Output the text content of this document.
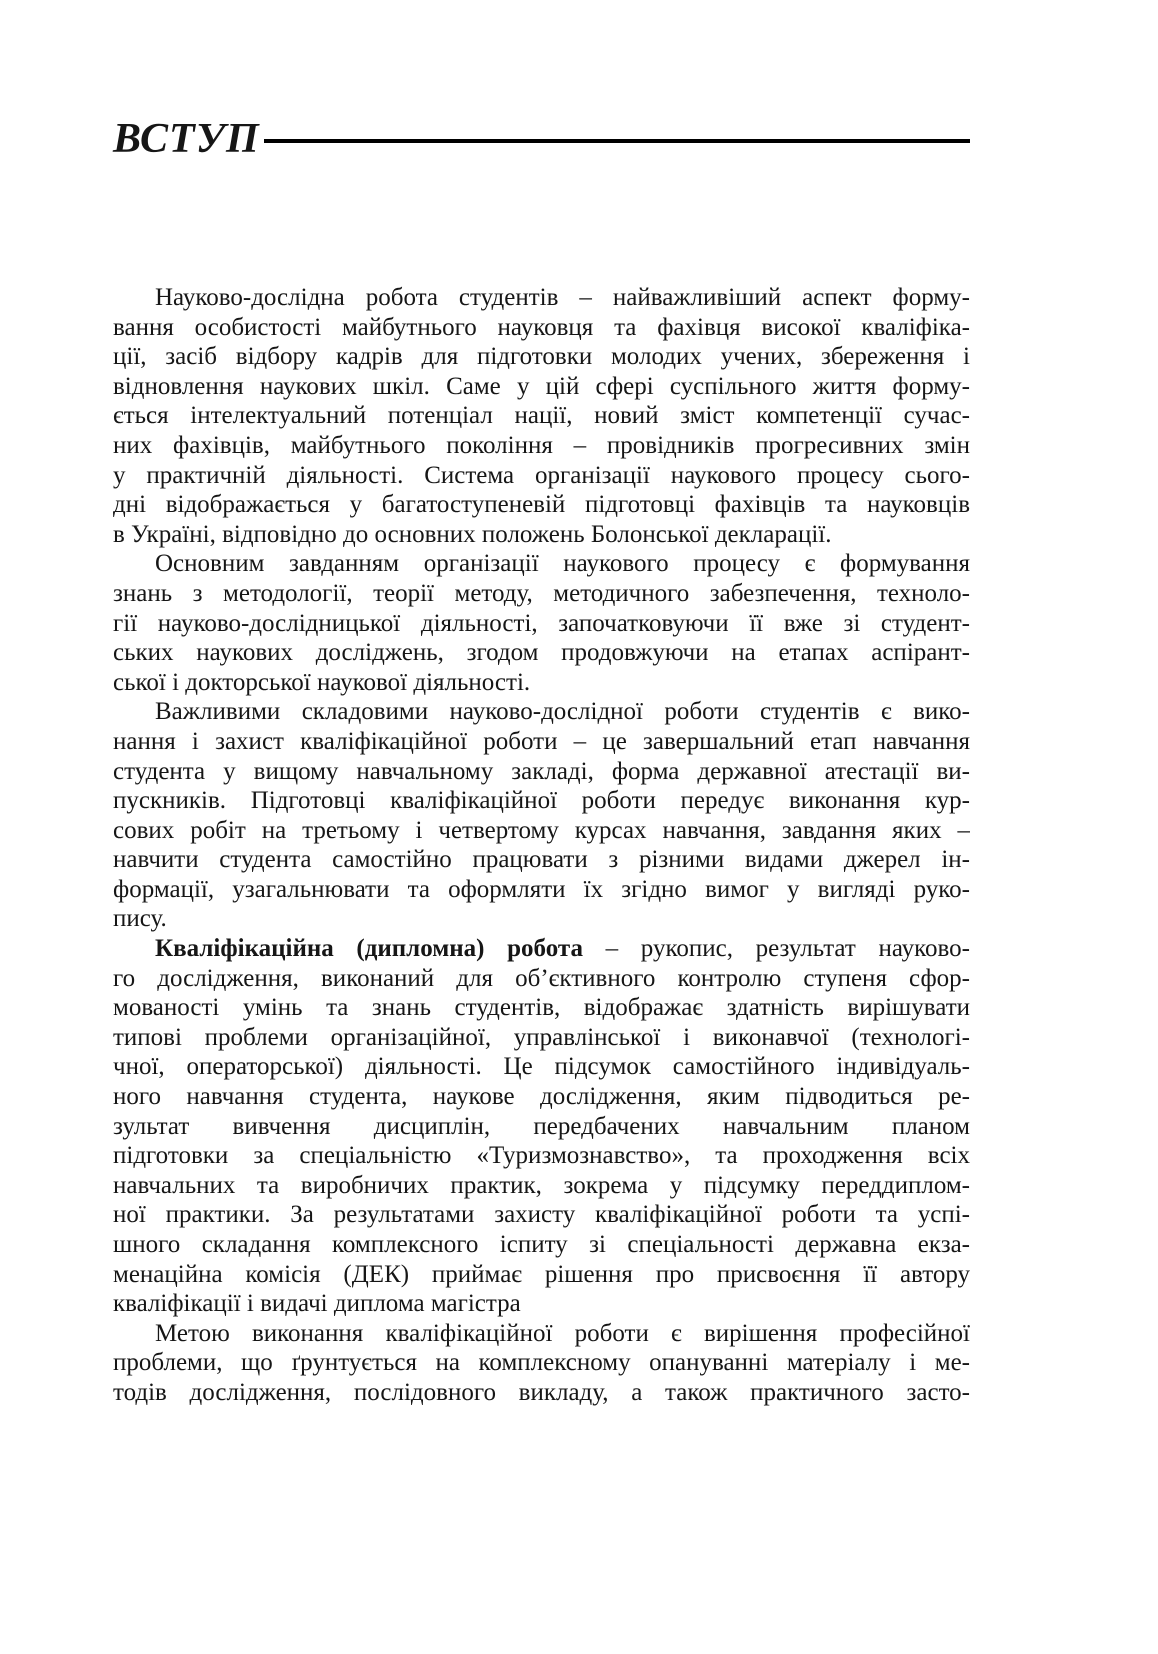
ВСТУП
Науково-дослідна робота студентів – найважливіший аспект форму-
вання особистості майбутнього науковця та фахівця високої кваліфіка-
ції, засіб відбору кадрів для підготовки молодих учених, збереження і
відновлення наукових шкіл. Саме у цій сфері суспільного життя форму-
ється інтелектуальний потенціал нації, новий зміст компетенції сучас-
них фахівців, майбутнього покоління – провідників прогресивних змін
у практичній діяльності. Система організації наукового процесу сього-
дні відображається у багатоступеневій підготовці фахівців та науковців
в Україні, відповідно до основних положень Болонської декларації.
Основним завданням організації наукового процесу є формування
знань з методології, теорії методу, методичного забезпечення, техноло-
гії науково-дослідницької діяльності, започатковуючи її вже зі студент-
ських наукових досліджень, згодом продовжуючи на етапах аспірант-
ської і докторської наукової діяльності.
Важливими складовими науково-дослідної роботи студентів є вико-
нання і захист кваліфікаційної роботи – це завершальний етап навчання
студента у вищому навчальному закладі, форма державної атестації ви-
пускників. Підготовці кваліфікаційної роботи передує виконання кур-
сових робіт на третьому і четвертому курсах навчання, завдання яких –
навчити студента самостійно працювати з різними видами джерел ін-
формації, узагальнювати та оформляти їх згідно вимог у вигляді руко-
пису.
Кваліфікаційна (дипломна) робота – рукопис, результат науково-
го дослідження, виконаний для об’єктивного контролю ступеня сфор-
мованості умінь та знань студентів, відображає здатність вирішувати
типові проблеми організаційної, управлінської і виконавчої (технологі-
чної, операторської) діяльності. Це підсумок самостійного індивідуаль-
ного навчання студента, наукове дослідження, яким підводиться ре-
зультат вивчення дисциплін, передбачених навчальним планом
підготовки за спеціальністю «Туризмознавство», та проходження всіх
навчальних та виробничих практик, зокрема у підсумку переддиплом-
ної практики. За результатами захисту кваліфікаційної роботи та успі-
шного складання комплексного іспиту зі спеціальності державна екза-
менаційна комісія (ДЕК) приймає рішення про присвоєння її автору
кваліфікації і видачі диплома магістра
Метою виконання кваліфікаційної роботи є вирішення професійної
проблеми, що ґрунтується на комплексному опануванні матеріалу і ме-
тодів дослідження, послідовного викладу, а також практичного засто-
